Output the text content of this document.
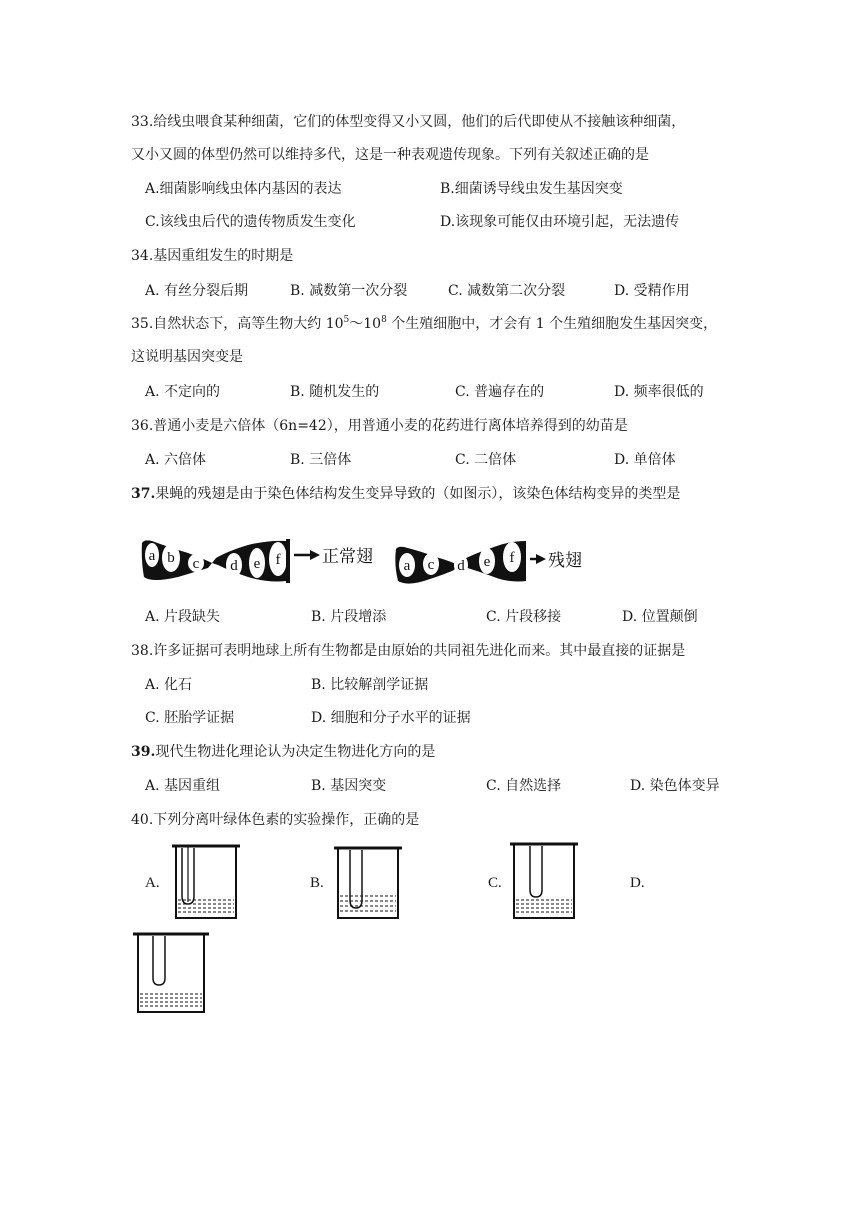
33.给线虫喂食某种细菌，它们的体型变得又小又圆，他们的后代即使从不接触该种细菌，
又小又圆的体型仍然可以维持多代，这是一种表观遗传现象。下列有关叙述正确的是
A.细菌影响线虫体内基因的表达	B.细菌诱导线虫发生基因突变
C.该线虫后代的遗传物质发生变化	D.该现象可能仅由环境引起，无法遗传
34.基因重组发生的时期是
A. 有丝分裂后期	B. 减数第一次分裂	C. 减数第二次分裂	D. 受精作用
35.自然状态下，高等生物大约 $10^5\sim 10^8$ 个生殖细胞中，才会有 1 个生殖细胞发生基因突变，
这说明基因突变是
A. 不定向的	B. 随机发生的	C. 普遍存在的	D. 频率很低的
36.普通小麦是六倍体（6n=42），用普通小麦的花药进行离体培养得到的幼苗是
A. 六倍体	B. 三倍体	C. 二倍体	D. 单倍体
37.果蝇的残翅是由于染色体结构发生变异导致的（如图示），该染色体结构变异的类型是
a b c d e f 正常翅 a c d e f 残翅
A. 片段缺失	B. 片段增添	C. 片段移接	D. 位置颠倒
38.许多证据可表明地球上所有生物都是由原始的共同祖先进化而来。其中最直接的证据是
A. 化石	B. 比较解剖学证据
C. 胚胎学证据	D. 细胞和分子水平的证据
39.现代生物进化理论认为决定生物进化方向的是
A. 基因重组	B. 基因突变	C. 自然选择	D. 染色体变异
40.下列分离叶绿体色素的实验操作，正确的是
A.	B.	C.	D.
